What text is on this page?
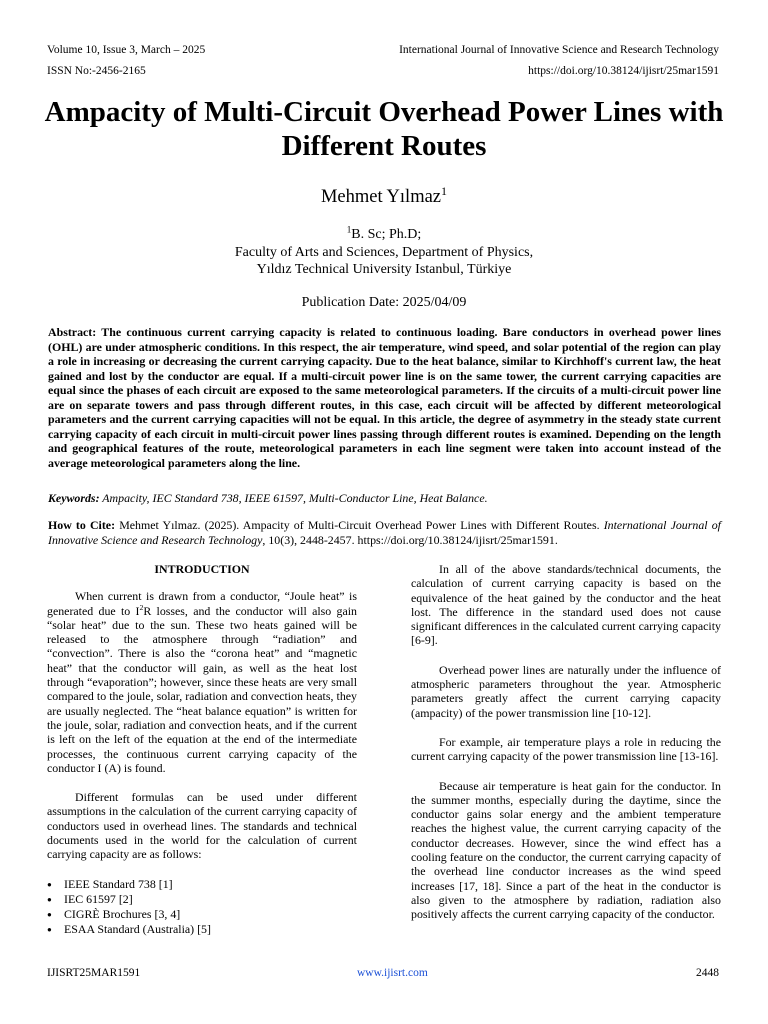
Volume 10, Issue 3, March – 2025	International Journal of Innovative Science and Research Technology
ISSN No:-2456-2165	https://doi.org/10.38124/ijisrt/25mar1591
Ampacity of Multi-Circuit Overhead Power Lines with Different Routes
Mehmet Yılmaz$^1$
$^1$B. Sc; Ph.D;
Faculty of Arts and Sciences, Department of Physics,
Yıldız Technical University Istanbul, Türkiye
Publication Date: 2025/04/09

Abstract: The continuous current carrying capacity is related to continuous loading. Bare conductors in overhead power lines (OHL) are under atmospheric conditions. In this respect, the air temperature, wind speed, and solar potential of the region can play a role in increasing or decreasing the current carrying capacity. Due to the heat balance, similar to Kirchhoff's current law, the heat gained and lost by the conductor are equal. If a multi-circuit power line is on the same tower, the current carrying capacities are equal since the phases of each circuit are exposed to the same meteorological parameters. If the circuits of a multi-circuit power line are on separate towers and pass through different routes, in this case, each circuit will be affected by different meteorological parameters and the current carrying capacities will not be equal. In this article, the degree of asymmetry in the steady state current carrying capacity of each circuit in multi-circuit power lines passing through different routes is examined. Depending on the length and geographical features of the route, meteorological parameters in each line segment were taken into account instead of the average meteorological parameters along the line.

Keywords: Ampacity, IEC Standard 738, IEEE 61597, Multi-Conductor Line, Heat Balance.

How to Cite: Mehmet Yılmaz. (2025). Ampacity of Multi-Circuit Overhead Power Lines with Different Routes. International Journal of Innovative Science and Research Technology, 10(3), 2448-2457. https://doi.org/10.38124/ijisrt/25mar1591.

INTRODUCTION

When current is drawn from a conductor, “Joule heat” is generated due to $I^2R$ losses, and the conductor will also gain “solar heat” due to the sun. These two heats gained will be released to the atmosphere through “radiation” and “convection”. There is also the “corona heat” and “magnetic heat” that the conductor will gain, as well as the heat lost through “evaporation”; however, since these heats are very small compared to the joule, solar, radiation and convection heats, they are usually neglected. The “heat balance equation” is written for the joule, solar, radiation and convection heats, and if the current is left on the left of the equation at the end of the intermediate processes, the continuous current carrying capacity of the conductor I (A) is found.

Different formulas can be used under different assumptions in the calculation of the current carrying capacity of conductors used in overhead lines. The standards and technical documents used in the world for the calculation of current carrying capacity are as follows:

● IEEE Standard 738 [1]
● IEC 61597 [2]
● CIGRÈ Brochures [3, 4]
● ESAA Standard (Australia) [5]

In all of the above standards/technical documents, the calculation of current carrying capacity is based on the equivalence of the heat gained by the conductor and the heat lost. The difference in the standard used does not cause significant differences in the calculated current carrying capacity [6-9].

Overhead power lines are naturally under the influence of atmospheric parameters throughout the year. Atmospheric parameters greatly affect the current carrying capacity (ampacity) of the power transmission line [10-12].

For example, air temperature plays a role in reducing the current carrying capacity of the power transmission line [13-16].

Because air temperature is heat gain for the conductor. In the summer months, especially during the daytime, since the conductor gains solar energy and the ambient temperature reaches the highest value, the current carrying capacity of the conductor decreases. However, since the wind effect has a cooling feature on the conductor, the current carrying capacity of the overhead line conductor increases as the wind speed increases [17, 18]. Since a part of the heat in the conductor is also given to the atmosphere by radiation, radiation also positively affects the current carrying capacity of the conductor.

IJISRT25MAR1591	www.ijisrt.com	2448
